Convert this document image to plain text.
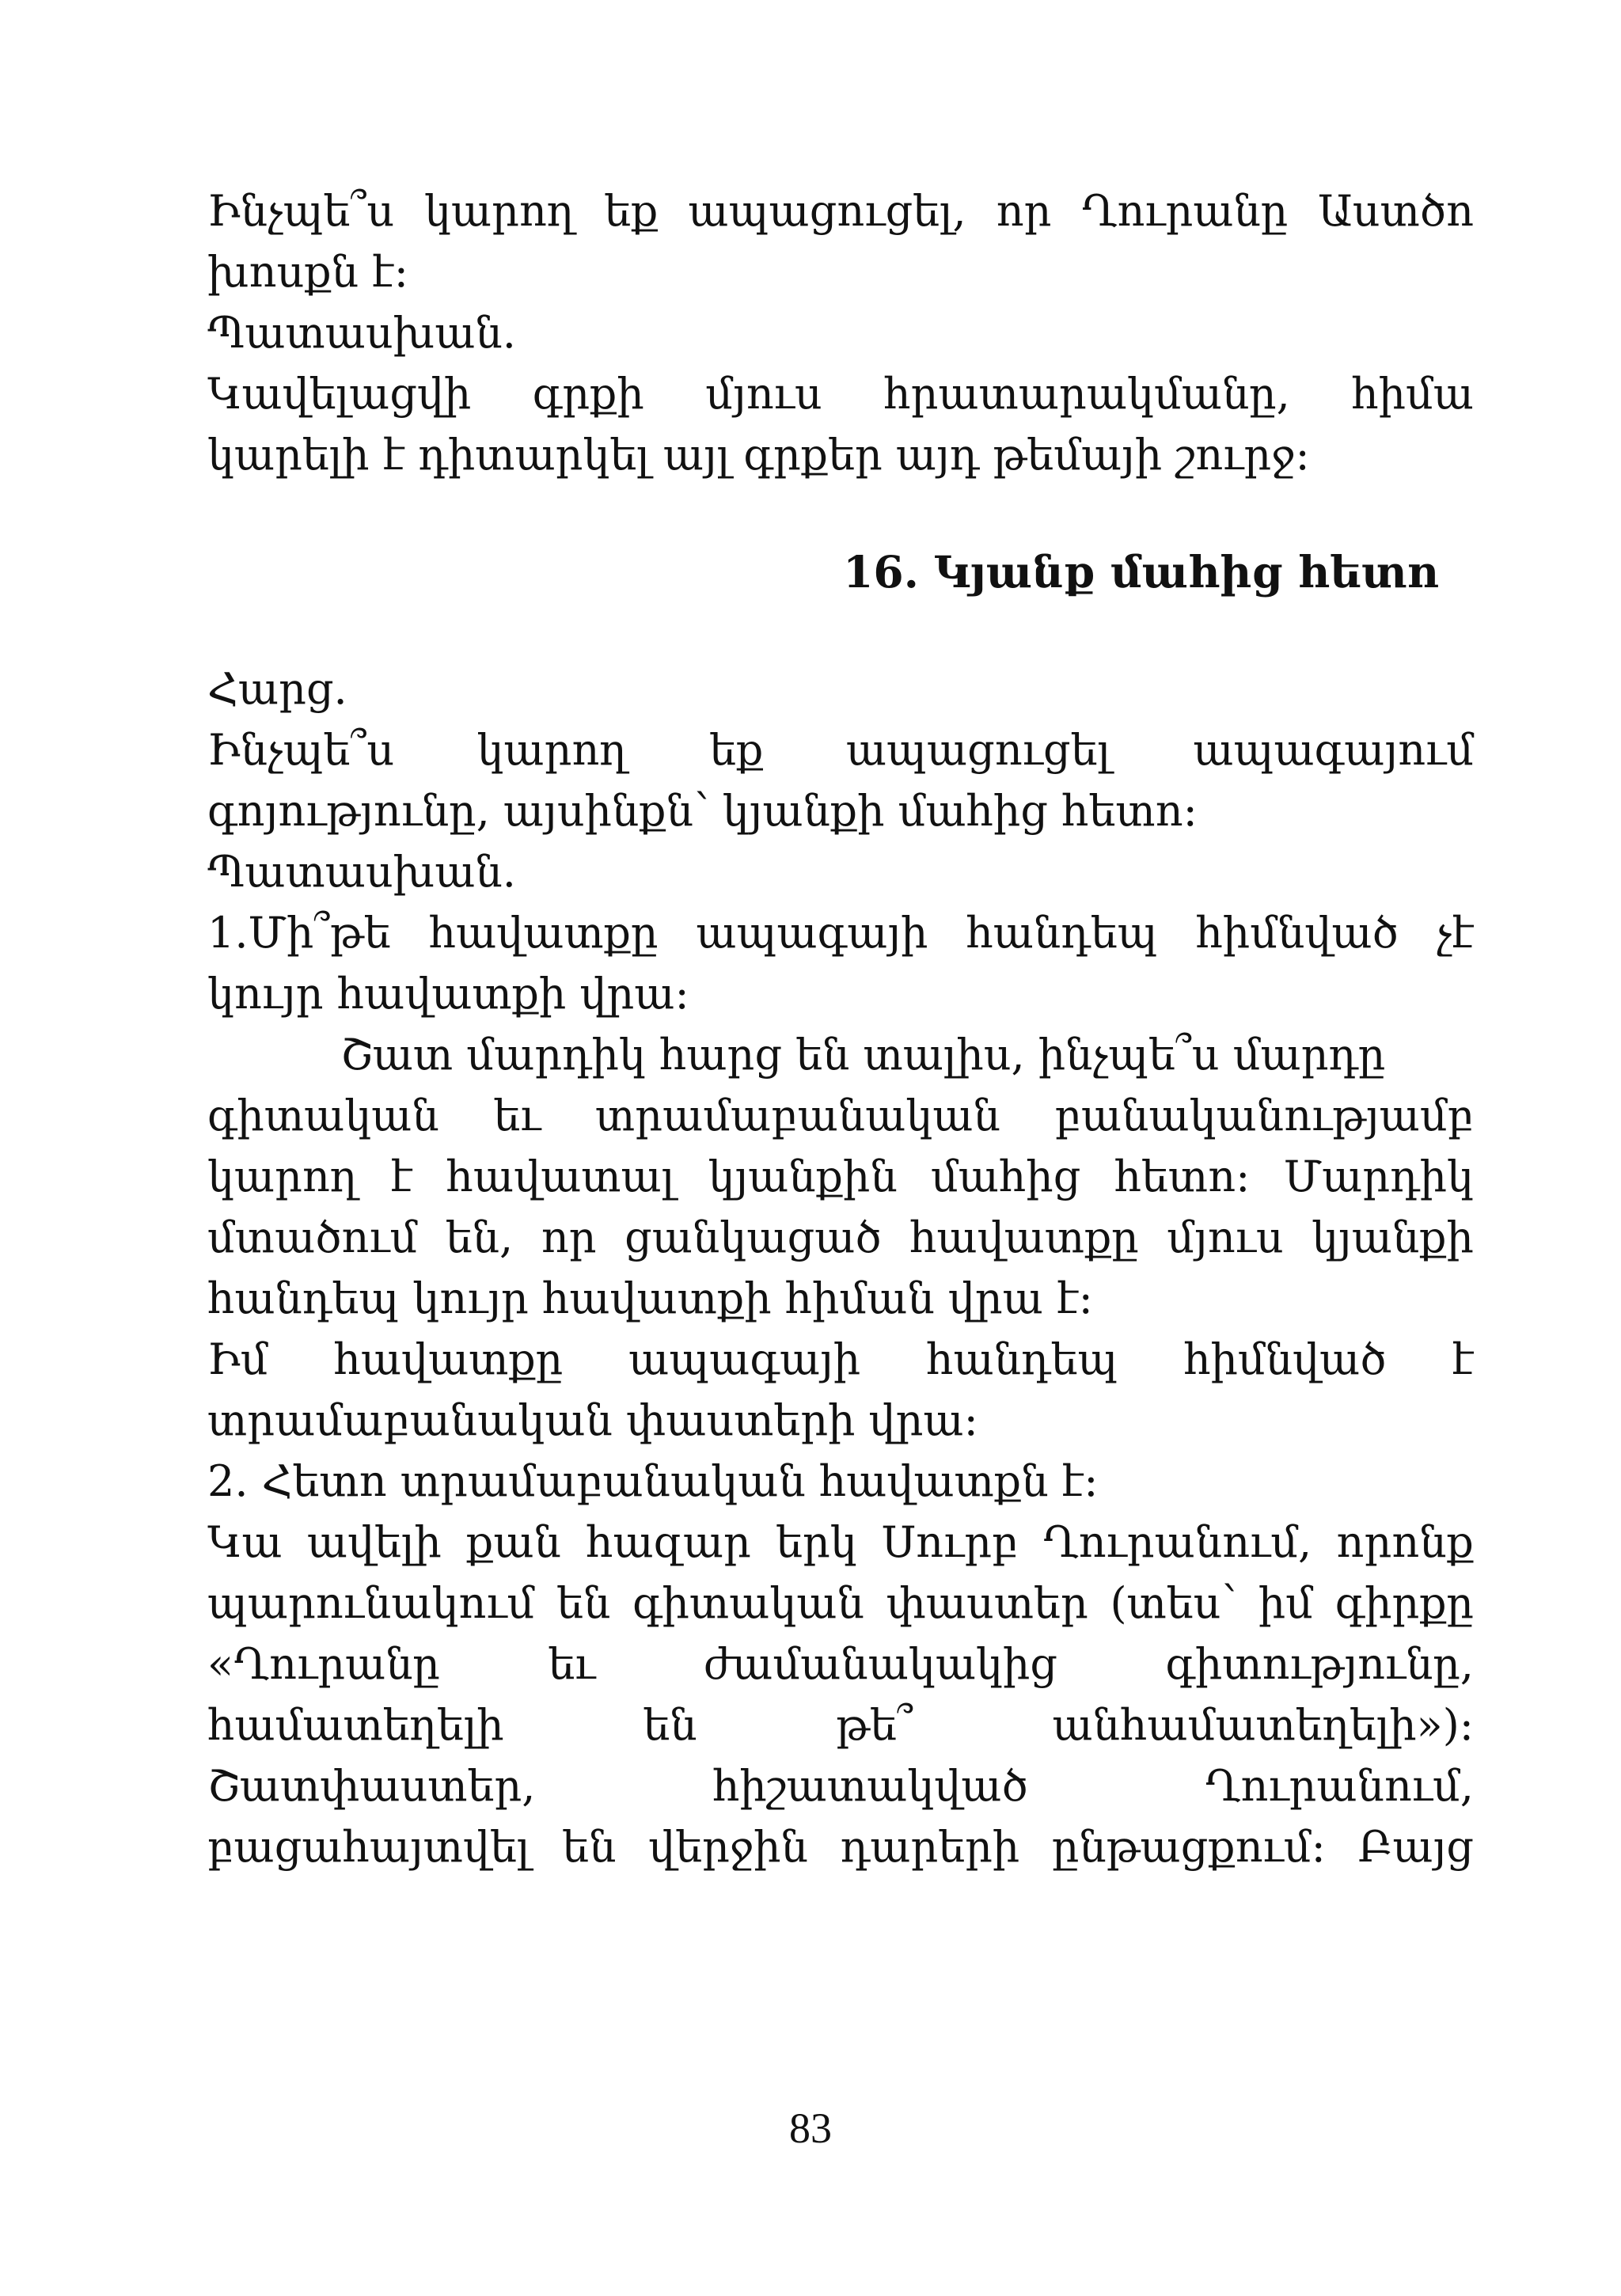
Ինչպե՞ս կարող եք ապացուցել, որ Ղուրանը Աստծո
խոսքն է:
Պատասխան.
Կավելացվի գրքի մյուս հրատարակմանը, հիմա
կարելի է դիտարկել այլ գրքեր այդ թեմայի շուրջ:
16. Կյանք մահից հետո
Հարց.
Ինչպե՞ս կարող եք ապացուցել ապագայում
գոյությունը, այսինքն՝ կյանքի մահից հետո:
Պատասխան.
1.Մի՞թե հավատքը ապագայի հանդեպ հիմնված չէ
կույր հավատքի վրա:
Շատ մարդիկ հարց են տալիս, ինչպե՞ս մարդը
գիտական եւ տրամաբանական բանականությամբ
կարող է հավատալ կյանքին մահից հետո: Մարդիկ
մտածում են, որ ցանկացած հավատքը մյուս կյանքի
հանդեպ կույր հավատքի հիման վրա է:
Իմ հավատքը ապագայի հանդեպ հիմնված է
տրամաբանական փաստերի վրա:
2. Հետո տրամաբանական հավատքն է:
Կա ավելի քան հազար երկ Սուրբ Ղուրանում, որոնք
պարունակում են գիտական փաստեր (տես՝ իմ գիրքը
«Ղուրանը	եւ	ժամանակակից	գիտությունը,
համատեղելի	են	թե՞	անհամատեղելի»):
Շատփաստեր,	հիշատակված	Ղուրանում,
բացահայտվել են վերջին դարերի ընթացքում: Բայց
83
